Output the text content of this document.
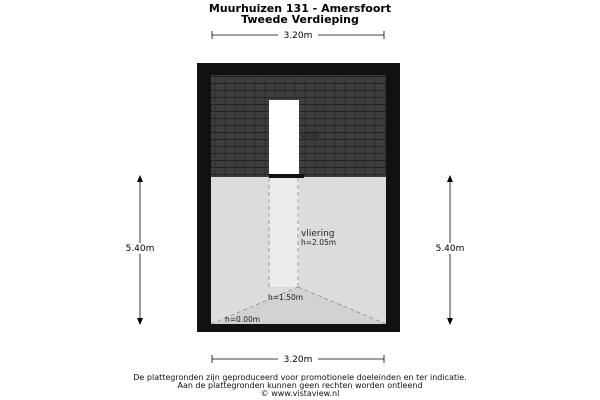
Muurhuizen 131 - Amersfoort
Tweede Verdieping
3.20m
3.20m
5.40m	5.40m
vide
vliering
h=2.05m
h=1.50m
h=0.00m
De plattegronden zijn geproduceerd voor promotionele doeleinden en ter indicatie.
Aan de plattegronden kunnen geen rechten worden ontleend
© www.vistaview.nl
